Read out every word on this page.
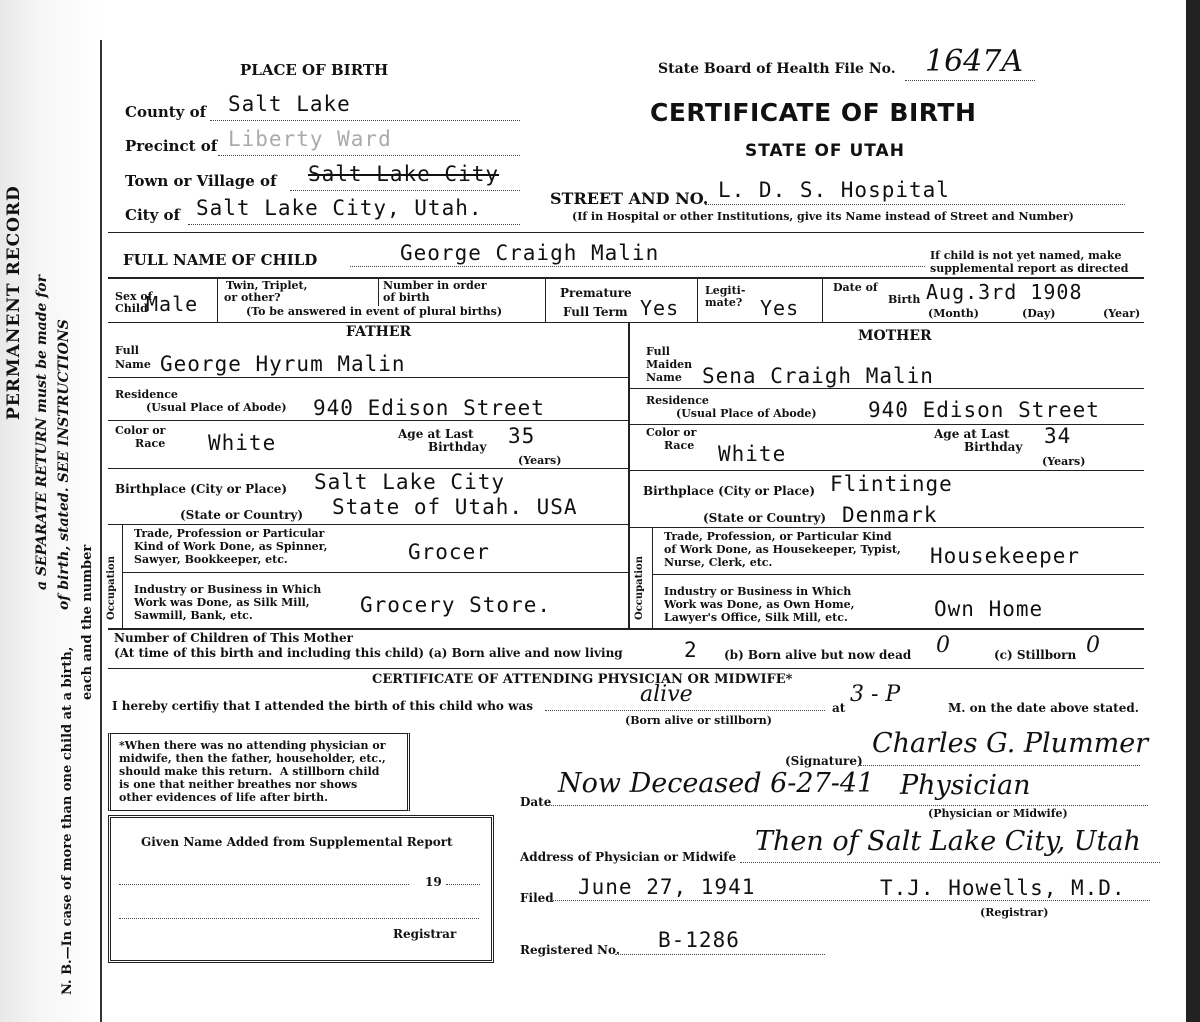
PERMANENT RECORD a SEPARATE RETURN must be made for of birth, stated. SEE INSTRUCTIONS
N. B.—In case of more than one child at a birth,
each and the number
PLACE OF BIRTH
County of Salt Lake
Precinct of Liberty Ward
Town or Village of Salt Lake City
City of Salt Lake City, Utah.
State Board of Health File No. 1647A
CERTIFICATE OF BIRTH
STATE OF UTAH
STREET AND NO. L. D. S. Hospital
(If in Hospital or other Institutions, give its Name instead of Street and Number)
FULL NAME OF CHILD	George Craigh Malin	If child is not yet named, make
supplemental report as directed
Sex of
Child
Male
Twin, Triplet,
or other?
(To be answered in event of plural births)
Number in order
of birth	Premature
Full Term Yes
Legiti-
mate? Yes
Date of
Birth Aug.3rd 1908
(Month)	(Day)	(Year)
FATHER
Full
Name George Hyrum Malin
Residence
(Usual Place of Abode) 940 Edison Street
Color or
Race White	Age at Last
Birthday 35
(Years)
Birthplace (City or Place) Salt Lake City
(State or Country) State of Utah. USA
Occupation
Trade, Profession or Particular
Kind of Work Done, as Spinner,
Sawyer, Bookkeeper, etc.	Grocer
Industry or Business in Which
Work was Done, as Silk Mill,
Sawmill, Bank, etc.	Grocery Store.
MOTHER
Full
Maiden
Name Sena Craigh Malin
Residence
(Usual Place of Abode) 940 Edison Street
Color or
Race White
Age at Last
Birthday 34
(Years)
Birthplace (City or Place) Flintinge
(State or Country) Denmark
Occupation
Trade, Profession, or Particular Kind
of Work Done, as Housekeeper, Typist,
Nurse, Clerk, etc.	Housekeeper
Industry or Business in Which
Work was Done, as Own Home,
Lawyer's Office, Silk Mill, etc.	Own Home
Number of Children of This Mother
(At time of this birth and including this child) (a) Born alive and now living	2 (b) Born alive but now dead 0	(c) Stillborn 0
CERTIFICATE OF ATTENDING PHYSICIAN OR MIDWIFE*
I hereby certifiy that I attended the birth of this child who was	alive
at
3 - P
M. on the date above stated.
(Born alive or stillborn)
*When there was no attending physician or
midwife, then the father, householder, etc.,
should make this return.  A stillborn child
is one that neither breathes nor shows
other evidences of life after birth.
(Signature)
Charles G. Plummer
Date
Now Deceased 6-27-41 Physician
(Physician or Midwife)
Address of Physician or Midwife Then of Salt Lake City, Utah
Filed June 27, 1941	T.J. Howells, M.D.
(Registrar)
Registered No. B-1286
Given Name Added from Supplemental Report
19
Registrar
